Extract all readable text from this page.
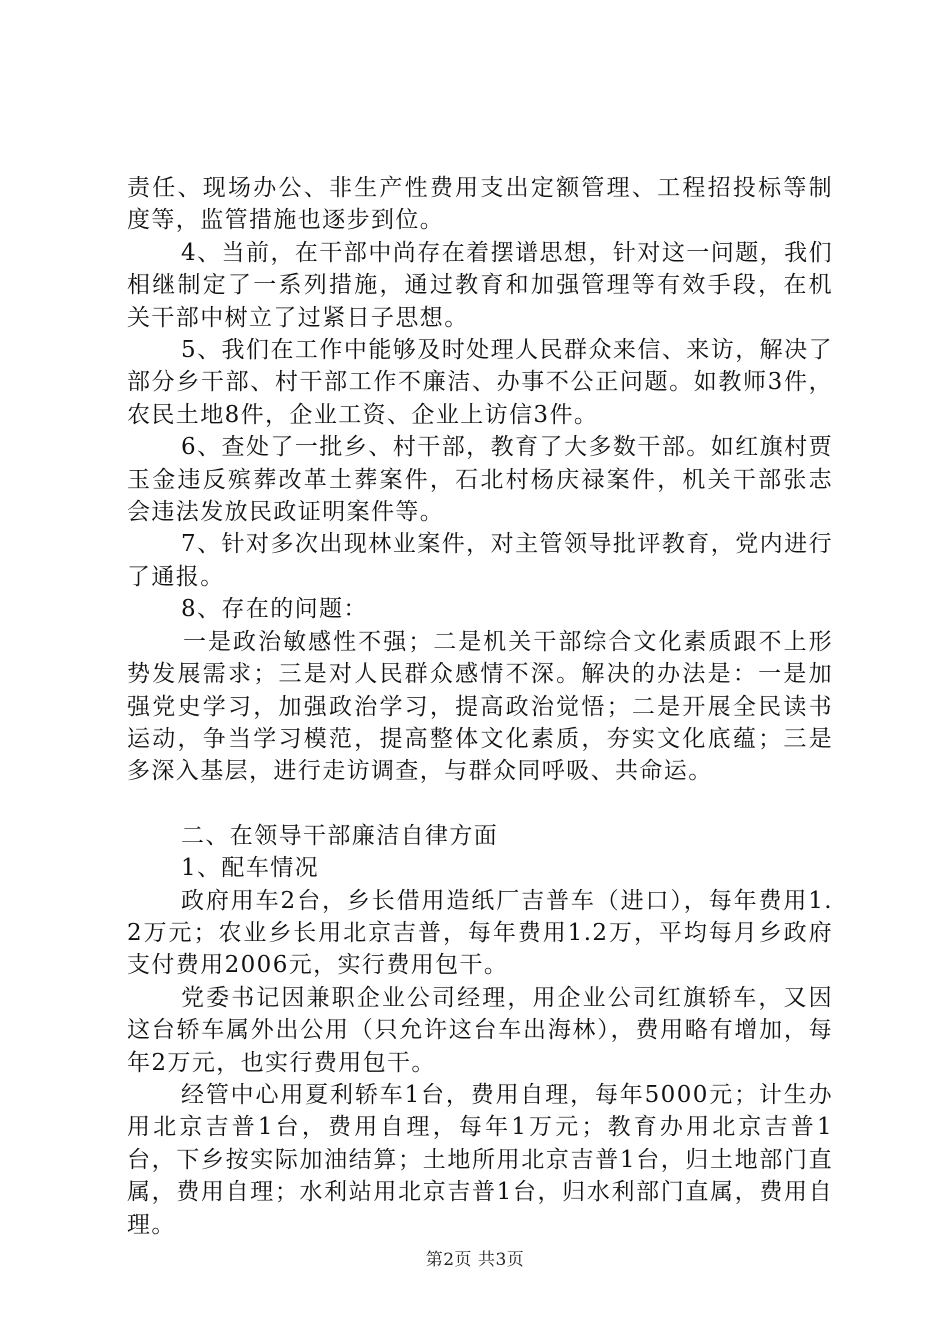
责任、现场办公、非生产性费用支出定额管理、工程招投标等制度等，监管措施也逐步到位。

4、当前，在干部中尚存在着摆谱思想，针对这一问题，我们相继制定了一系列措施，通过教育和加强管理等有效手段，在机关干部中树立了过紧日子思想。

5、我们在工作中能够及时处理人民群众来信、来访，解决了部分乡干部、村干部工作不廉洁、办事不公正问题。如教师3件，农民土地8件，企业工资、企业上访信3件。

6、查处了一批乡、村干部，教育了大多数干部。如红旗村贾玉金违反殡葬改革土葬案件，石北村杨庆禄案件，机关干部张志会违法发放民政证明案件等。

7、针对多次出现林业案件，对主管领导批评教育，党内进行了通报。

8、存在的问题：

一是政治敏感性不强；二是机关干部综合文化素质跟不上形势发展需求；三是对人民群众感情不深。解决的办法是：一是加强党史学习，加强政治学习，提高政治觉悟；二是开展全民读书运动，争当学习模范，提高整体文化素质，夯实文化底蕴；三是多深入基层，进行走访调查，与群众同呼吸、共命运。

二、在领导干部廉洁自律方面

1、配车情况

政府用车2台，乡长借用造纸厂吉普车（进口），每年费用1.2万元；农业乡长用北京吉普，每年费用1.2万，平均每月乡政府支付费用2006元，实行费用包干。

党委书记因兼职企业公司经理，用企业公司红旗轿车，又因这台轿车属外出公用（只允许这台车出海林），费用略有增加，每年2万元，也实行费用包干。

经管中心用夏利轿车1台，费用自理，每年5000元；计生办用北京吉普1台，费用自理，每年1万元；教育办用北京吉普1台，下乡按实际加油结算；土地所用北京吉普1台，归土地部门直属，费用自理；水利站用北京吉普1台，归水利部门直属，费用自理。

第2页 共3页
